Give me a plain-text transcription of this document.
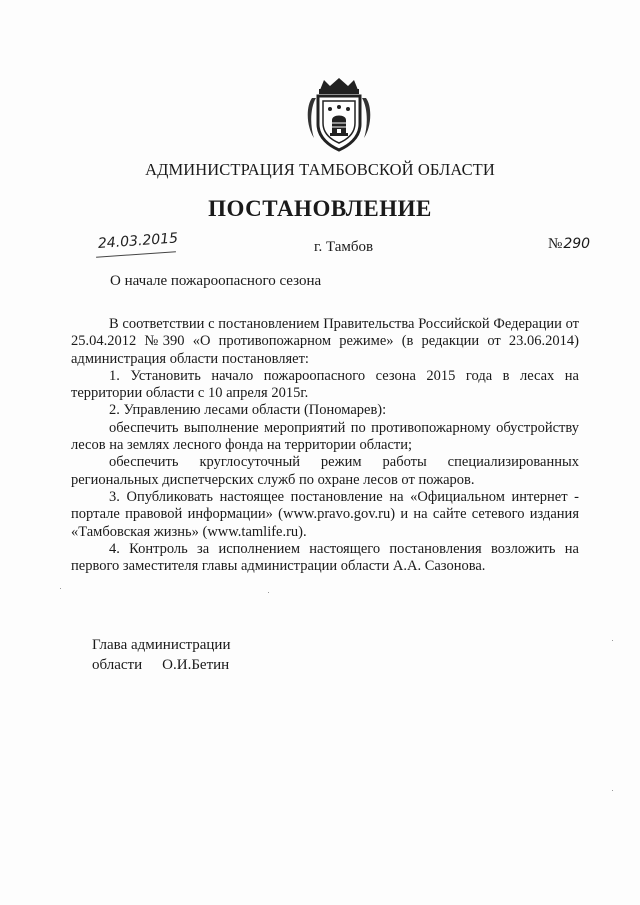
АДМИНИСТРАЦИЯ ТАМБОВСКОЙ ОБЛАСТИ
ПОСТАНОВЛЕНИЕ
24.03.2015	г. Тамбов	№290
О начале пожароопасного сезона

В соответствии с постановлением Правительства Российской Федерации от 25.04.2012 №390 «О противопожарном режиме» (в редакции от 23.06.2014) администрация области постановляет:

1. Установить начало пожароопасного сезона 2015 года в лесах на территории области с 10 апреля 2015г.

2. Управлению лесами области (Пономарев):

обеспечить выполнение мероприятий по противопожарному обустройству лесов на землях лесного фонда на территории области;

обеспечить круглосуточный режим работы специализированных региональных диспетчерских служб по охране лесов от пожаров.

3. Опубликовать настоящее постановление на «Официальном интернет - портале правовой информации» (www.pravo.gov.ru) и на сайте сетевого издания «Тамбовская жизнь» (www.tamlife.ru).

4. Контроль за исполнением настоящего постановления возложить на первого заместителя главы администрации области А.А. Сазонова.

Глава администрации
области О.И.Бетин
